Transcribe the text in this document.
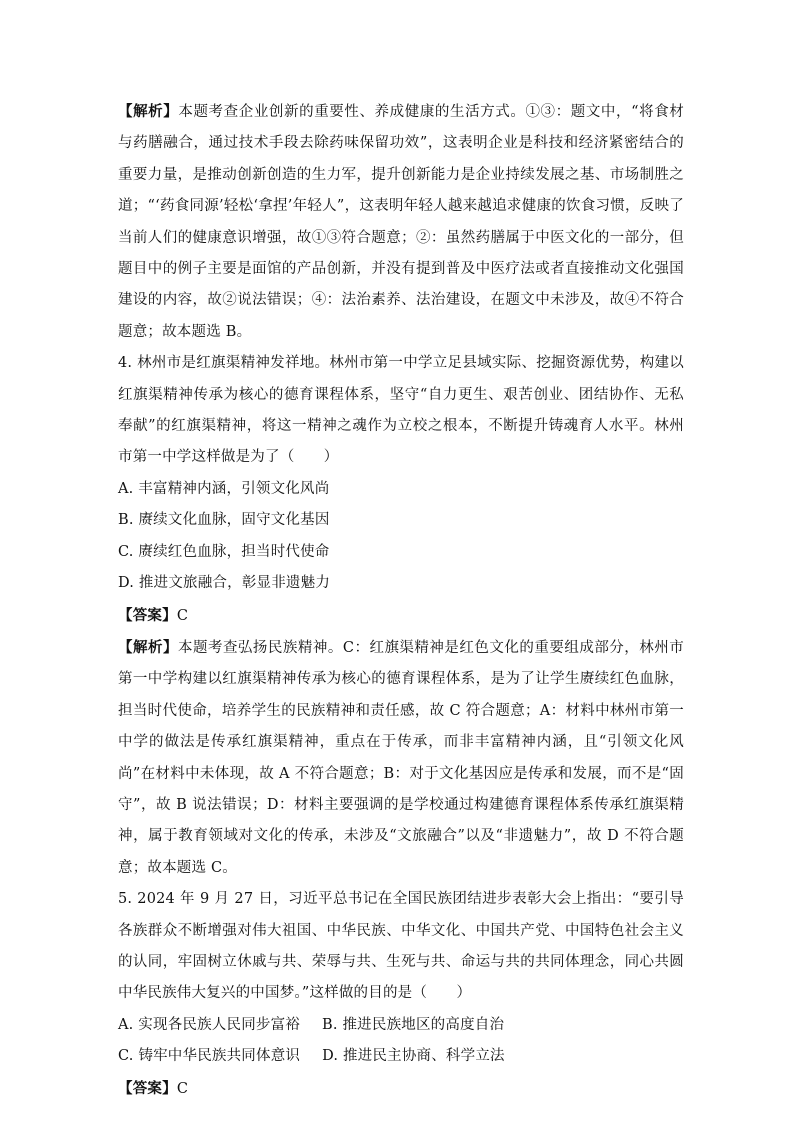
【解析】本题考查企业创新的重要性、养成健康的生活方式。①③：题文中，“将食材与药膳融合，通过技术手段去除药味保留功效”，这表明企业是科技和经济紧密结合的重要力量，是推动创新创造的生力军，提升创新能力是企业持续发展之基、市场制胜之道；“‘药食同源’轻松‘拿捏’年轻人”，这表明年轻人越来越追求健康的饮食习惯，反映了当前人们的健康意识增强，故①③符合题意；②：虽然药膳属于中医文化的一部分，但题目中的例子主要是面馆的产品创新，并没有提到普及中医疗法或者直接推动文化强国建设的内容，故②说法错误；④：法治素养、法治建设，在题文中未涉及，故④不符合题意；故本题选 B。

4. 林州市是红旗渠精神发祥地。林州市第一中学立足县域实际、挖掘资源优势，构建以红旗渠精神传承为核心的德育课程体系，坚守“自力更生、艰苦创业、团结协作、无私奉献”的红旗渠精神，将这一精神之魂作为立校之根本，不断提升铸魂育人水平。林州市第一中学这样做是为了（　　）

A. 丰富精神内涵，引领文化风尚

B. 赓续文化血脉，固守文化基因

C. 赓续红色血脉，担当时代使命

D. 推进文旅融合，彰显非遗魅力

【答案】C

【解析】本题考查弘扬民族精神。C：红旗渠精神是红色文化的重要组成部分，林州市第一中学构建以红旗渠精神传承为核心的德育课程体系，是为了让学生赓续红色血脉，担当时代使命，培养学生的民族精神和责任感，故 C 符合题意；A：材料中林州市第一中学的做法是传承红旗渠精神，重点在于传承，而非丰富精神内涵，且“引领文化风尚”在材料中未体现，故 A 不符合题意；B：对于文化基因应是传承和发展，而不是“固守”，故 B 说法错误；D：材料主要强调的是学校通过构建德育课程体系传承红旗渠精神，属于教育领域对文化的传承，未涉及“文旅融合”以及“非遗魅力”，故 D 不符合题意；故本题选 C。

5. 2024 年 9 月 27 日，习近平总书记在全国民族团结进步表彰大会上指出：“要引导各族群众不断增强对伟大祖国、中华民族、中华文化、中国共产党、中国特色社会主义的认同，牢固树立休戚与共、荣辱与共、生死与共、命运与共的共同体理念，同心共圆中华民族伟大复兴的中国梦。”这样做的目的是（　　）

A. 实现各民族人民同步富裕 B. 推进民族地区的高度自治

C. 铸牢中华民族共同体意识 D. 推进民主协商、科学立法

【答案】C
